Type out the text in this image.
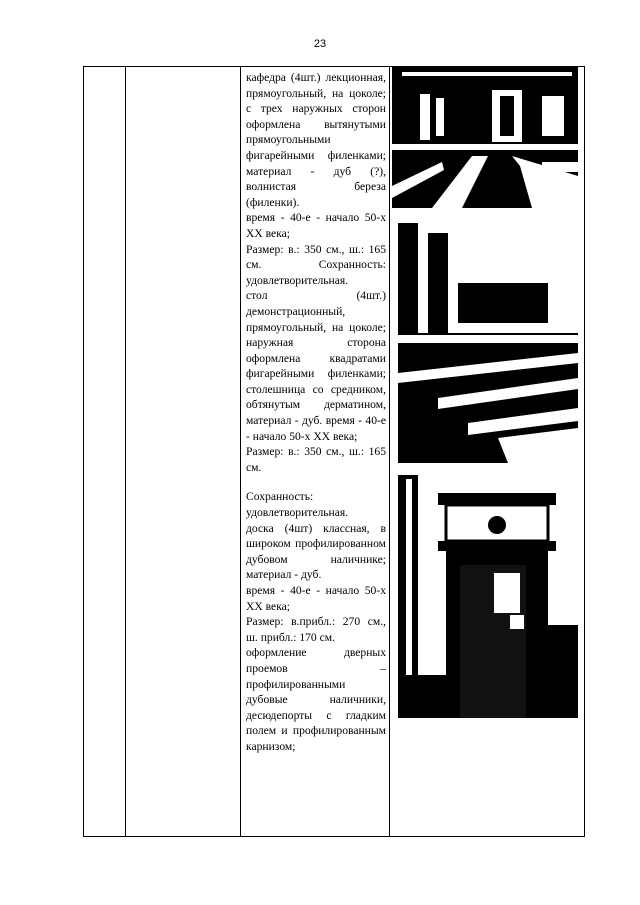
23

кафедра (4шт.) лекционная, прямоугольный, на цоколе; с трех наружных сторон оформлена вытянутыми прямоугольными фигарейными филенками; материал - дуб (?), волнистая береза (филенки).

время - 40-е - начало 50-х ХХ века;

Размер: в.: 350 см., ш.: 165 см. Сохранность: удовлетворительная.

стол (4шт.) демонстрационный, прямоугольный, на цоколе; наружная сторона оформлена квадратами фигарейными филенками; столешница со средником, обтянутым дерматином, материал - дуб. время - 40-е - начало 50-х ХХ века;

Размер: в.: 350 см., ш.: 165 см.

Сохранность: удовлетворительная.

доска (4шт) классная, в широком профилированном дубовом наличнике; материал - дуб.

время - 40-е - начало 50-х ХХ века;

Размер: в.прибл.: 270 см., ш. прибл.: 170 см.

оформление дверных проемов – профилированными дубовые наличники, десюдепорты с гладким полем и профилированным карнизом;
